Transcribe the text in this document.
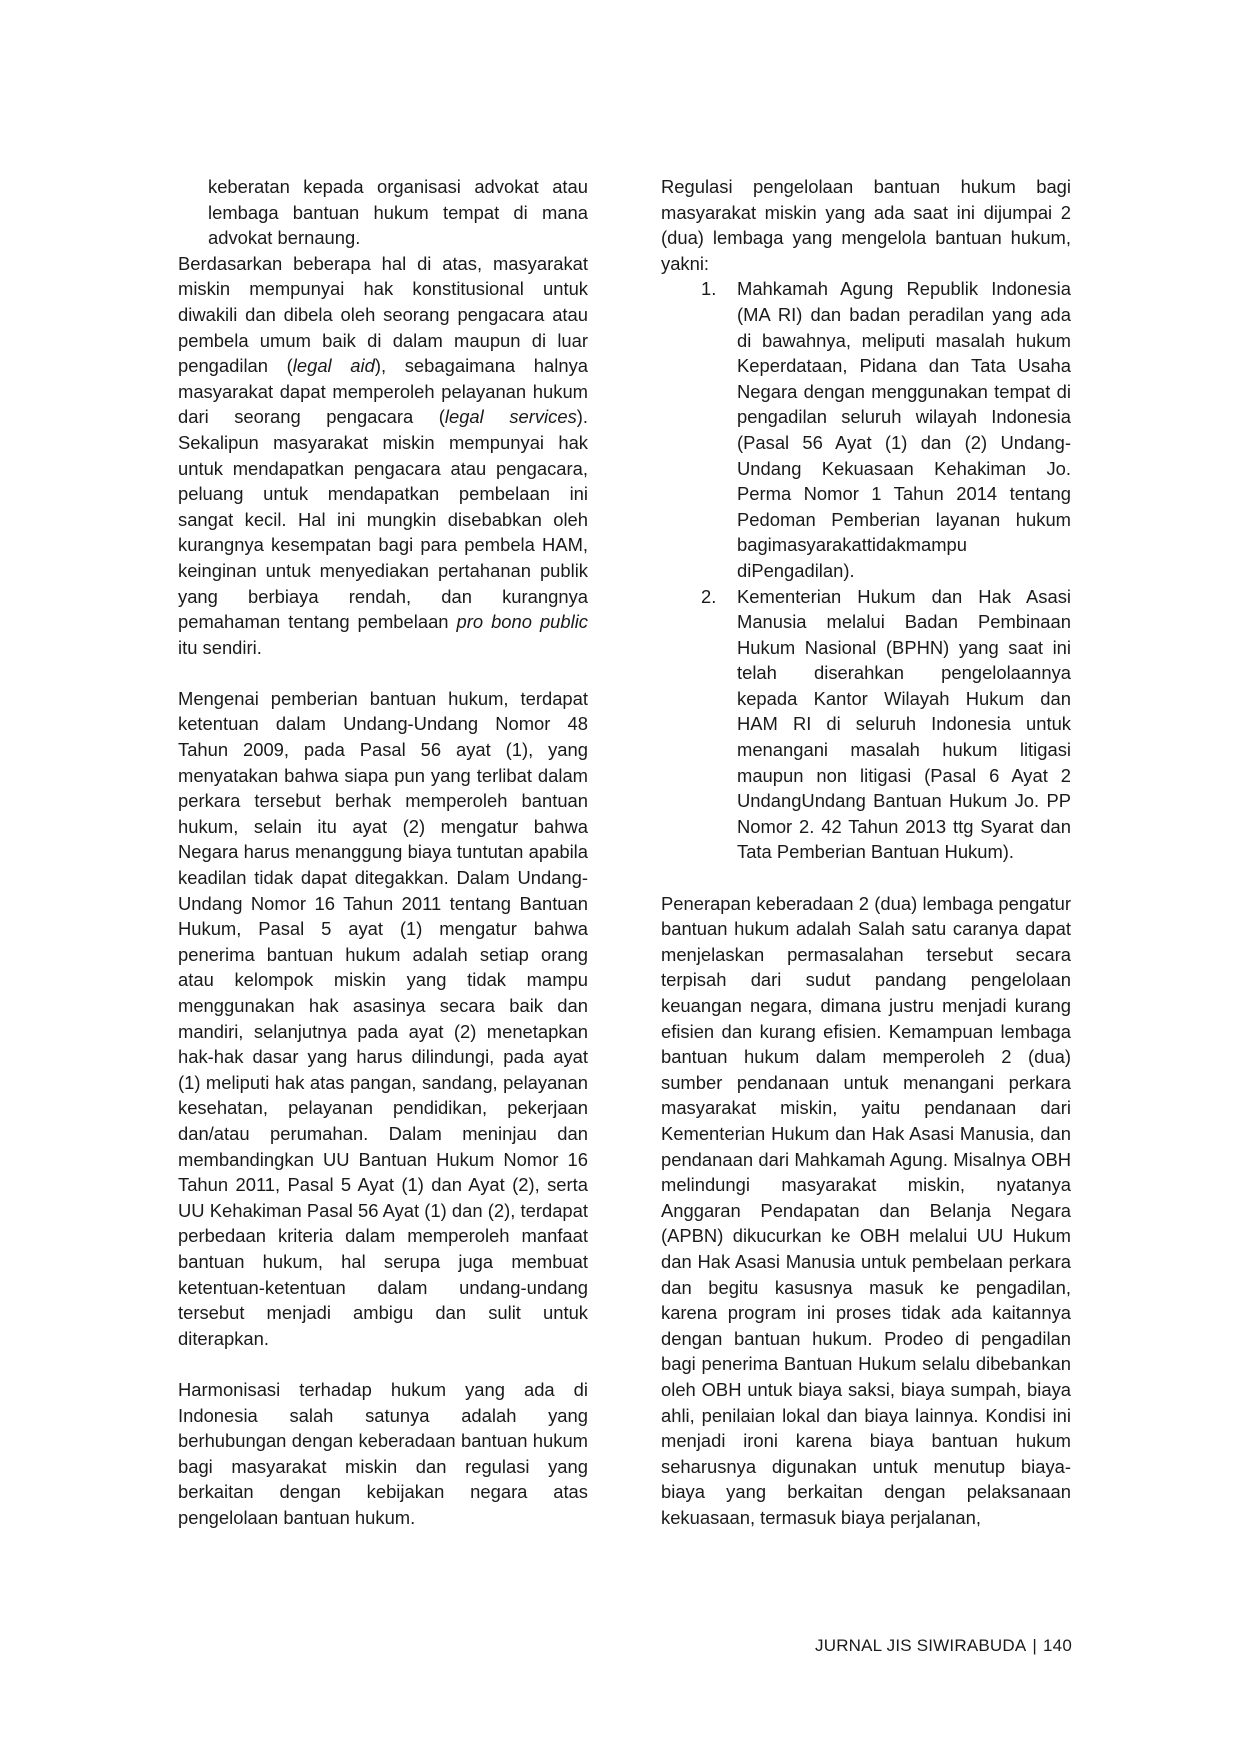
keberatan kepada organisasi advokat atau lembaga bantuan hukum tempat di mana advokat bernaung.

Berdasarkan beberapa hal di atas, masyarakat miskin mempunyai hak konstitusional untuk diwakili dan dibela oleh seorang pengacara atau pembela umum baik di dalam maupun di luar pengadilan (legal aid), sebagaimana halnya masyarakat dapat memperoleh pelayanan hukum dari seorang pengacara (legal services). Sekalipun masyarakat miskin mempunyai hak untuk mendapatkan pengacara atau pengacara, peluang untuk mendapatkan pembelaan ini sangat kecil. Hal ini mungkin disebabkan oleh kurangnya kesempatan bagi para pembela HAM, keinginan untuk menyediakan pertahanan publik yang berbiaya rendah, dan kurangnya pemahaman tentang pembelaan pro bono public itu sendiri.

Mengenai pemberian bantuan hukum, terdapat ketentuan dalam Undang-Undang Nomor 48 Tahun 2009, pada Pasal 56 ayat (1), yang menyatakan bahwa siapa pun yang terlibat dalam perkara tersebut berhak memperoleh bantuan hukum, selain itu ayat (2) mengatur bahwa Negara harus menanggung biaya tuntutan apabila keadilan tidak dapat ditegakkan. Dalam Undang-Undang Nomor 16 Tahun 2011 tentang Bantuan Hukum, Pasal 5 ayat (1) mengatur bahwa penerima bantuan hukum adalah setiap orang atau kelompok miskin yang tidak mampu menggunakan hak asasinya secara baik dan mandiri, selanjutnya pada ayat (2) menetapkan hak-hak dasar yang harus dilindungi, pada ayat (1) meliputi hak atas pangan, sandang, pelayanan kesehatan, pelayanan pendidikan, pekerjaan dan/atau perumahan. Dalam meninjau dan membandingkan UU Bantuan Hukum Nomor 16 Tahun 2011, Pasal 5 Ayat (1) dan Ayat (2), serta UU Kehakiman Pasal 56 Ayat (1) dan (2), terdapat perbedaan kriteria dalam memperoleh manfaat bantuan hukum, hal serupa juga membuat ketentuan-ketentuan dalam undang-undang tersebut menjadi ambigu dan sulit untuk diterapkan.

Harmonisasi terhadap hukum yang ada di Indonesia salah satunya adalah yang berhubungan dengan keberadaan bantuan hukum bagi masyarakat miskin dan regulasi yang berkaitan dengan kebijakan negara atas pengelolaan bantuan hukum.

Regulasi pengelolaan bantuan hukum bagi masyarakat miskin yang ada saat ini dijumpai 2 (dua) lembaga yang mengelola bantuan hukum, yakni:

1. Mahkamah Agung Republik Indonesia (MA RI) dan badan peradilan yang ada di bawahnya, meliputi masalah hukum Keperdataan, Pidana dan Tata Usaha Negara dengan menggunakan tempat di pengadilan seluruh wilayah Indonesia (Pasal 56 Ayat (1) dan (2) Undang-Undang Kekuasaan Kehakiman Jo. Perma Nomor 1 Tahun 2014 tentang Pedoman Pemberian layanan hukum bagimasyarakattidakmampu diPengadilan).
2. Kementerian Hukum dan Hak Asasi Manusia melalui Badan Pembinaan Hukum Nasional (BPHN) yang saat ini telah diserahkan pengelolaannya kepada Kantor Wilayah Hukum dan HAM RI di seluruh Indonesia untuk menangani masalah hukum litigasi maupun non litigasi (Pasal 6 Ayat 2 UndangUndang Bantuan Hukum Jo. PP Nomor 2. 42 Tahun 2013 ttg Syarat dan Tata Pemberian Bantuan Hukum).

Penerapan keberadaan 2 (dua) lembaga pengatur bantuan hukum adalah Salah satu caranya dapat menjelaskan permasalahan tersebut secara terpisah dari sudut pandang pengelolaan keuangan negara, dimana justru menjadi kurang efisien dan kurang efisien. Kemampuan lembaga bantuan hukum dalam memperoleh 2 (dua) sumber pendanaan untuk menangani perkara masyarakat miskin, yaitu pendanaan dari Kementerian Hukum dan Hak Asasi Manusia, dan pendanaan dari Mahkamah Agung. Misalnya OBH melindungi masyarakat miskin, nyatanya Anggaran Pendapatan dan Belanja Negara (APBN) dikucurkan ke OBH melalui UU Hukum dan Hak Asasi Manusia untuk pembelaan perkara dan begitu kasusnya masuk ke pengadilan, karena program ini proses tidak ada kaitannya dengan bantuan hukum. Prodeo di pengadilan bagi penerima Bantuan Hukum selalu dibebankan oleh OBH untuk biaya saksi, biaya sumpah, biaya ahli, penilaian lokal dan biaya lainnya. Kondisi ini menjadi ironi karena biaya bantuan hukum seharusnya digunakan untuk menutup biaya-biaya yang berkaitan dengan pelaksanaan kekuasaan, termasuk biaya perjalanan,

JURNAL JIS SIWIRABUDA | 140
